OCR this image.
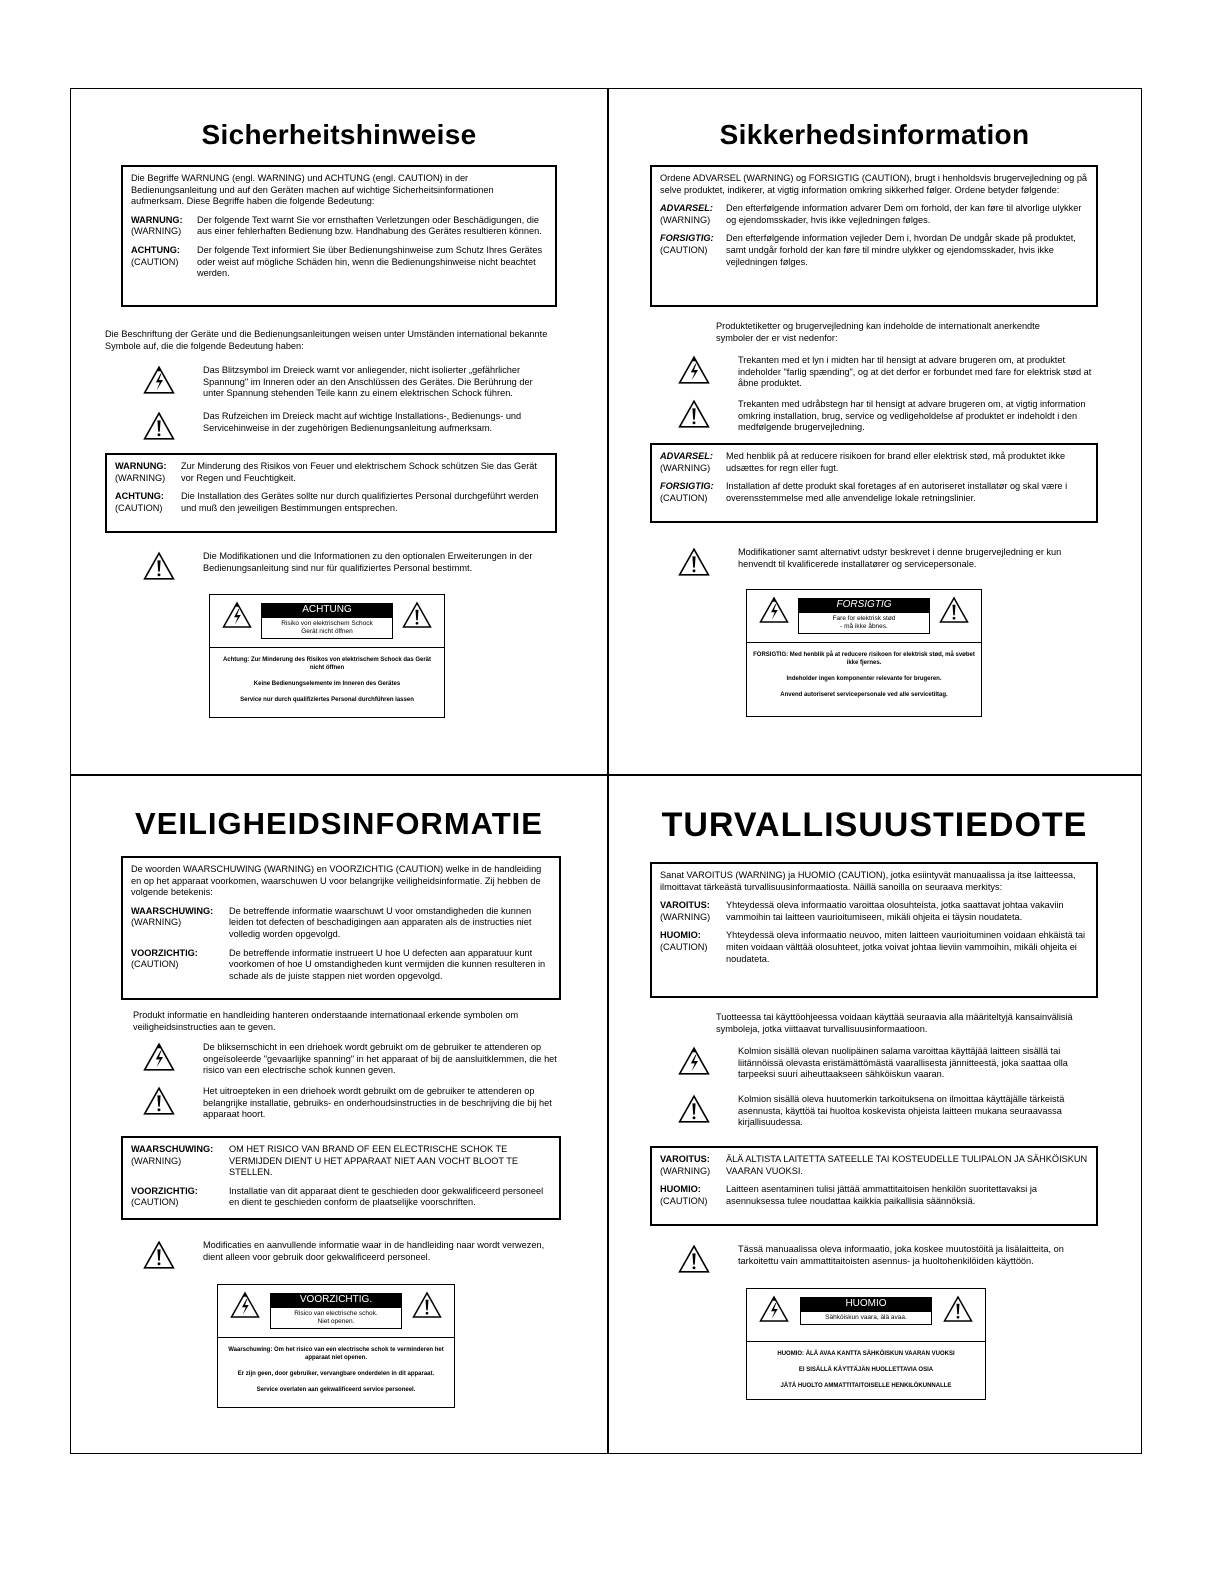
Sicherheitshinweise
Die Begriffe WARNUNG (engl. WARNING) und ACHTUNG (engl. CAUTION) in der Bedienungsanleitung und auf den Geräten machen auf wichtige Sicherheitsinformationen aufmerksam. Diese Begriffe haben die folgende Bedeutung:
WARNUNG:
(WARNING)
Der folgende Text warnt Sie vor ernsthaften Verletzungen oder Beschädigungen, die aus einer fehlerhaften Bedienung bzw. Handhabung des Gerätes resultieren können.
ACHTUNG:
(CAUTION)
Der folgende Text informiert Sie über Bedienungshinweise zum Schutz Ihres Gerätes oder weist auf mögliche Schäden hin, wenn die Bedienungshinweise nicht beachtet werden.
Die Beschriftung der Geräte und die Bedienungsanleitungen weisen unter Umständen international bekannte Symbole auf, die die folgende Bedeutung haben:
Das Blitzsymbol im Dreieck warnt vor anliegender, nicht isolierter „gefährlicher Spannung" im Inneren oder an den Anschlüssen des Gerätes. Die Berührung der unter Spannung stehenden Teile kann zu einem elektrischen Schock führen.
Das Rufzeichen im Dreieck macht auf wichtige Installations-, Bedienungs- und Servicehinweise in der zugehörigen Bedienungsanleitung aufmerksam.
WARNUNG:
(WARNING)
Zur Minderung des Risikos von Feuer und elektrischem Schock schützen Sie das Gerät vor Regen und Feuchtigkeit.
ACHTUNG:
(CAUTION)
Die Installation des Gerätes sollte nur durch qualifiziertes Personal durchgeführt werden und muß den jeweiligen Bestimmungen entsprechen.
Die Modifikationen und die Informationen zu den optionalen Erweiterungen in der Bedienungsanleitung sind nur für qualifiziertes Personal bestimmt.
ACHTUNG
Risiko von elektrischem Schock
Gerät nicht öffnen
Achtung: Zur Minderung des Risikos von elektrischem Schock das Gerät nicht öffnen
Keine Bedienungselemente im Inneren des Gerätes
Service nur durch qualifiziertes Personal durchführen lassen
Sikkerhedsinformation
Ordene ADVARSEL (WARNING) og FORSIGTIG (CAUTION), brugt i henholdsvis brugervejledning og på selve produktet, indikerer, at vigtig information omkring sikkerhed følger. Ordene betyder følgende:
ADVARSEL:
(WARNING)
Den efterfølgende information advarer Dem om forhold, der kan føre til alvorlige ulykker og ejendomsskader, hvis ikke vejledningen følges.
FORSIGTIG:
(CAUTION)
Den efterfølgende information vejleder Dem i, hvordan De undgår skade på produktet, samt undgår forhold der kan føre til mindre ulykker og ejendomsskader, hvis ikke vejledningen følges.
Produktetiketter og brugervejledning kan indeholde de internationalt anerkendte symboler der er vist nedenfor:
Trekanten med et lyn i midten har til hensigt at advare brugeren om, at produktet indeholder "farlig spænding", og at det derfor er forbundet med fare for elektrisk stød at åbne produktet.
Trekanten med udråbstegn har til hensigt at advare brugeren om, at vigtig information omkring installation, brug, service og vedligeholdelse af produktet er indeholdt i den medfølgende brugervejledning.
ADVARSEL:
(WARNING)
Med henblik på at reducere risikoen for brand eller elektrisk stød, må produktet ikke udsættes for regn eller fugt.
FORSIGTIG:
(CAUTION)
Installation af dette produkt skal foretages af en autoriseret installatør og skal være i overensstemmelse med alle anvendelige lokale retningslinier.
Modifikationer samt alternativt udstyr beskrevet i denne brugervejledning er kun henvendt til kvalificerede installatører og servicepersonale.
FORSIGTIG
Fare for elektrisk stød
- må ikke åbnes.
FORSIGTIG: Med henblik på at reducere risikoen for elektrisk stød, må svøbet ikke fjernes.
Indeholder ingen komponenter relevante for brugeren.
Anvend autoriseret servicepersonale ved alle servicetiltag.
VEILIGHEIDSINFORMATIE
De woorden WAARSCHUWING (WARNING) en VOORZICHTIG (CAUTION) welke in de handleiding en op het apparaat voorkomen, waarschuwen U voor belangrijke veiligheidsinformatie. Zij hebben de volgende betekenis:
WAARSCHUWING:
(WARNING)
De betreffende informatie waarschuwt U voor omstandigheden die kunnen leiden tot defecten of beschadigingen aan apparaten als de instructies niet volledig worden opgevolgd.
VOORZICHTIG:
(CAUTION)
De betreffende informatie instrueert U hoe U defecten aan apparatuur kunt voorkomen of hoe U omstandigheden kunt vermijden die kunnen resulteren in schade als de juiste stappen niet worden opgevolgd.
Produkt informatie en handleiding hanteren onderstaande internationaal erkende symbolen om veiligheidsinstructies aan te geven.
De bliksemschicht in een driehoek wordt gebruikt om de gebruiker te attenderen op ongeïsoleerde "gevaarlijke spanning" in het apparaat of bij de aansluitklemmen, die het risico van een electrische schok kunnen geven.
Het uitroepteken in een driehoek wordt gebruikt om de gebruiker te attenderen op belangrijke installatie, gebruiks- en onderhoudsinstructies in de beschrijving die bij het apparaat hoort.
WAARSCHUWING:
(WARNING)
OM HET RISICO VAN BRAND OF EEN ELECTRISCHE SCHOK TE VERMIJDEN DIENT U HET APPARAAT NIET AAN VOCHT BLOOT TE STELLEN.
VOORZICHTIG:
(CAUTION)
Installatie van dit apparaat dient te geschieden door gekwalificeerd personeel en dient te geschieden conform de plaatselijke voorschriften.
Modificaties en aanvullende informatie waar in de handleiding naar wordt verwezen, dient alleen voor gebruik door gekwalificeerd personeel.
VOORZICHTIG.
Risico van electrische schok.
Niet openen.
Waarschuwing: Om het risico van een electrische schok te verminderen het apparaat niet openen.
Er zijn geen, door gebruiker, vervangbare onderdelen in dit apparaat.
Service overlaten aan gekwalificeerd service personeel.
TURVALLISUUSTIEDOTE
Sanat VAROITUS (WARNING) ja HUOMIO (CAUTION), jotka esiintyvät manuaalissa ja itse laitteessa, ilmoittavat tärkeästä turvallisuusinformaatiosta. Näillä sanoilla on seuraava merkitys:
VAROITUS:
(WARNING)
Yhteydessä oleva informaatio varoittaa olosuhteista, jotka saattavat johtaa vakaviin vammoihin tai laitteen vaurioitumiseen, mikäli ohjeita ei täysin noudateta.
HUOMIO:
(CAUTION)
Yhteydessä oleva informaatio neuvoo, miten laitteen vaurioituminen voidaan ehkäistä tai miten voidaan välttää olosuhteet, jotka voivat johtaa lieviin vammoihin, mikäli ohjeita ei noudateta.
Tuotteessa tai käyttöohjeessa voidaan käyttää seuraavia alla määriteltyjä kansainvälisiä symboleja, jotka viittaavat turvallisuusinformaatioon.
Kolmion sisällä olevan nuolipäinen salama varoittaa käyttäjää laitteen sisällä tai liitännöissä olevasta eristämättömästä vaarallisesta jännitteestä, joka saattaa olla tarpeeksi suuri aiheuttaakseen sähköiskun vaaran.
Kolmion sisällä oleva huutomerkin tarkoituksena on ilmoittaa käyttäjälle tärkeistä asennusta, käyttöä tai huoltoa koskevista ohjeista laitteen mukana seuraavassa kirjallisuudessa.
VAROITUS:
(WARNING)
ÄLÄ ALTISTA LAITETTA SATEELLE TAI KOSTEUDELLE TULIPALON JA SÄHKÖISKUN VAARAN VUOKSI.
HUOMIO:
(CAUTION)
Laitteen asentaminen tulisi jättää ammattitaitoisen henkilön suoritettavaksi ja asennuksessa tulee noudattaa kaikkia paikallisia säännöksiä.
Tässä manuaalissa oleva informaatio, joka koskee muutostöitä ja lisälaitteita, on tarkoitettu vain ammattitaitoisten asennus- ja huoltohenkilöiden käyttöön.
HUOMIO
Sähköiskun vaara, älä avaa.
HUOMIO: ÄLÄ AVAA KANTTA SÄHKÖISKUN VAARAN VUOKSI
EI SISÄLLÄ KÄYTTÄJÄN HUOLLETTAVIA OSIA
JÄTÄ HUOLTO AMMATTITAITOISELLE HENKILÖKUNNALLE
